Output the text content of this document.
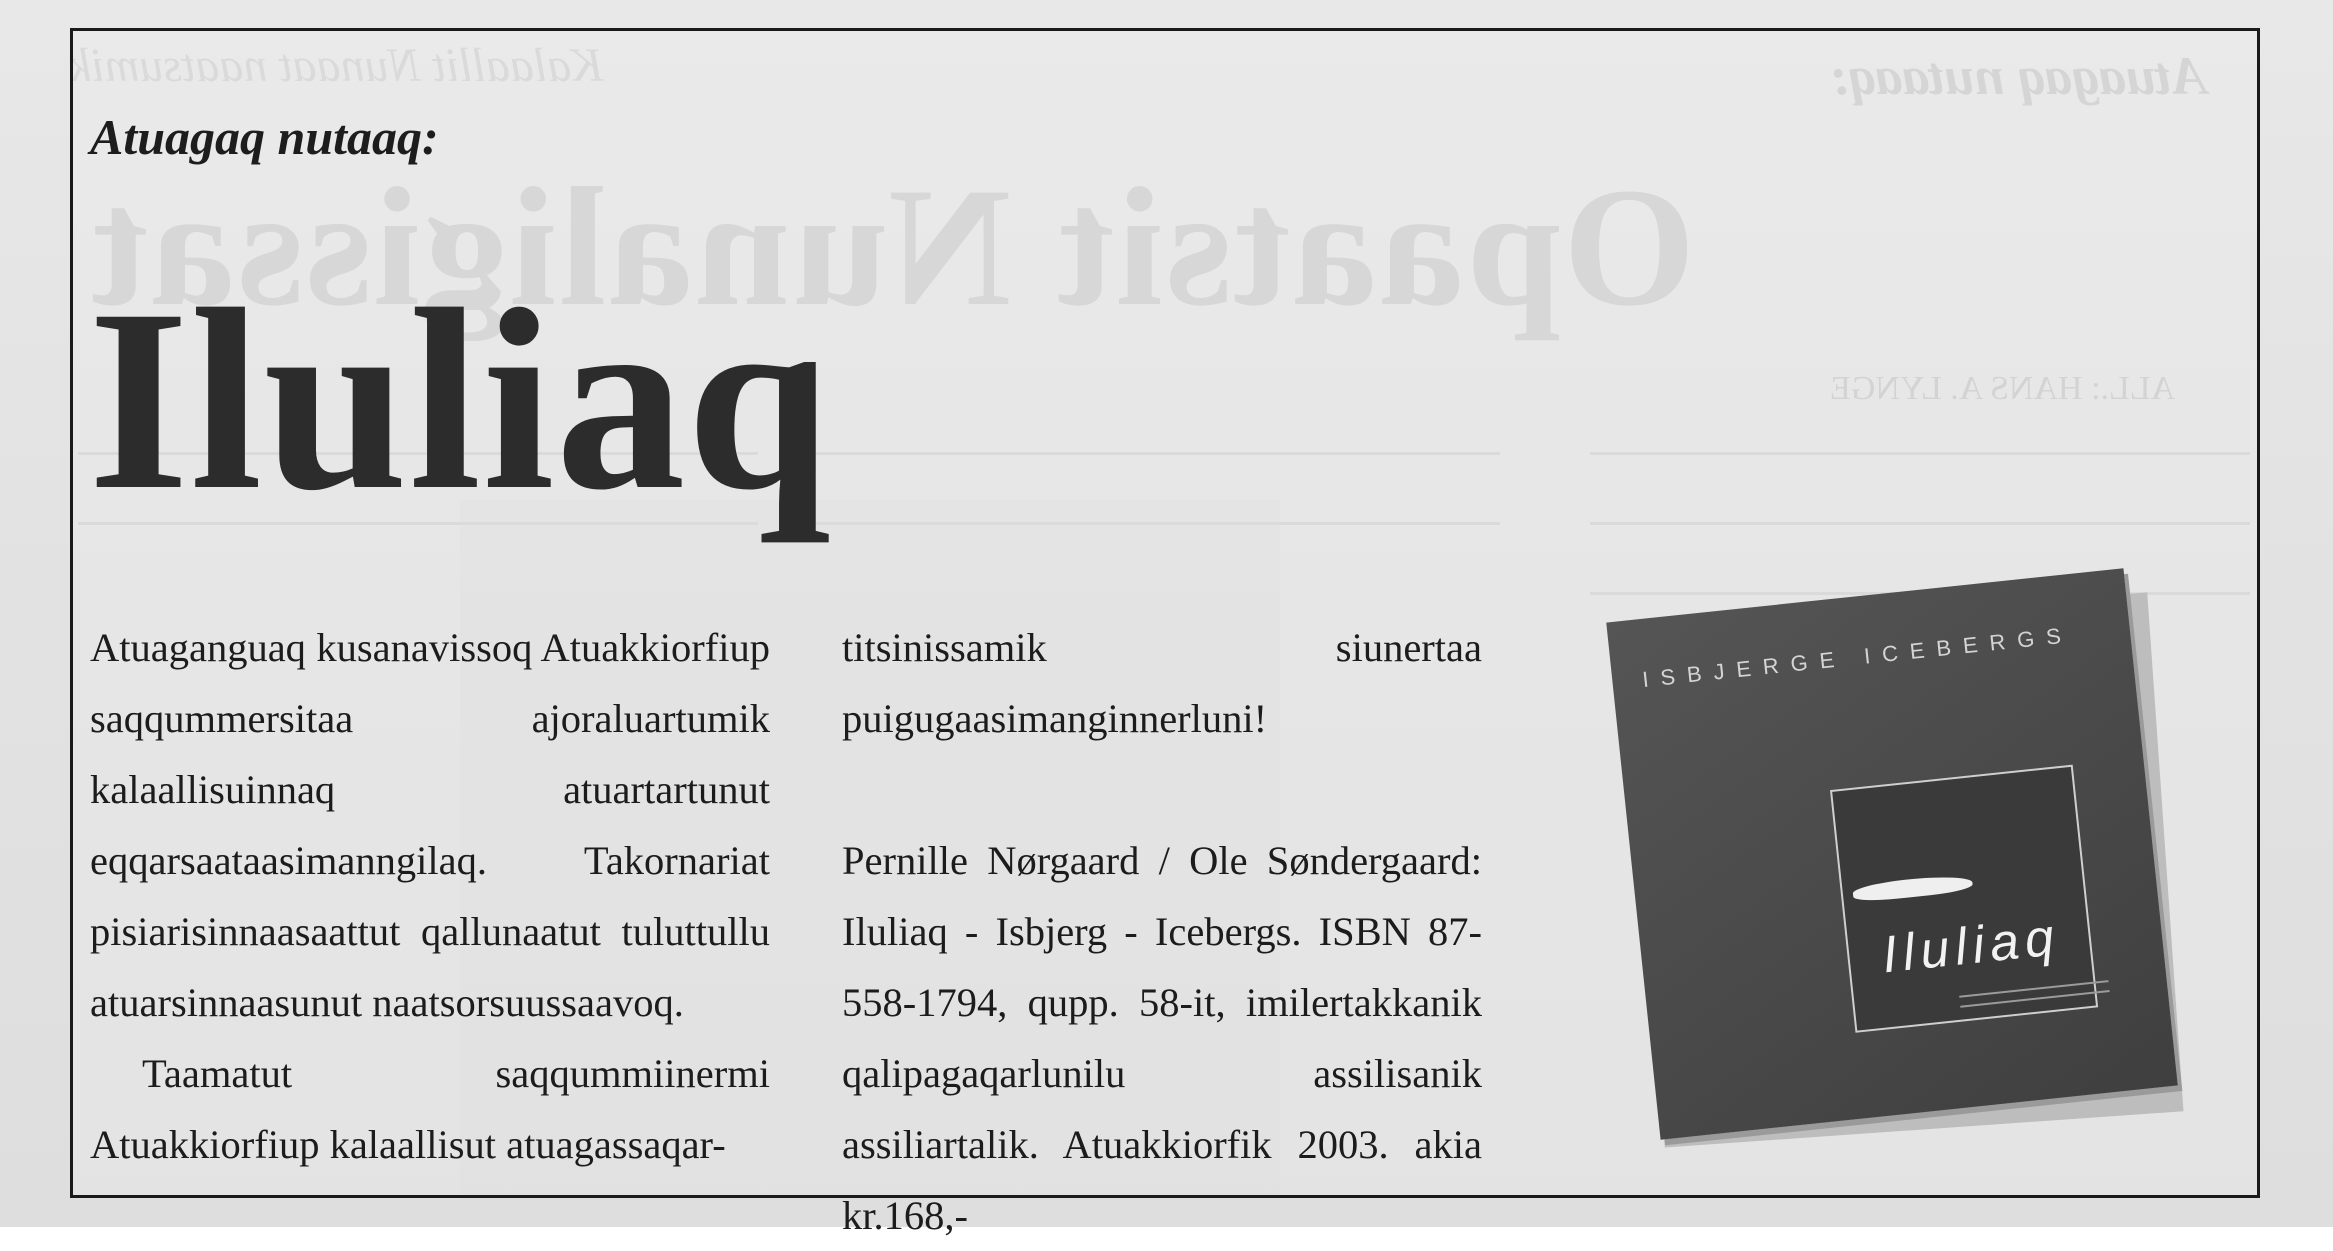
Kalaallit Nunaat naatsumik	Atuagaq nutaaq:
Opaatsit Nunaligissat
ALL.: HANS A. LYNGE
Atuagaq nutaaq:
Iluliaq

Atuaganguaq kusanavissoq Atuakkiorfiup saqqummersitaa ajoraluartumik kalaallisuinnaq atuartartunut eqqarsaataasimanngilaq. Takornariat pisiarisinnaasaattut qallunaatut tuluttullu atuarsinnaasunut naatsorsuussaavoq.

Taamatut saqqummiinermi Atuakkiorfiup kalaallisut atuagassaqar-

titsinissamik siunertaa puigugaasimanginnerluni!

Pernille Nørgaard / Ole Søndergaard: Iluliaq - Isbjerg - Icebergs. ISBN 87-558-1794, qupp. 58-it, imilertakkanik qalipagaqarlunilu assilisanik assiliartalik. Atuakkiorfik 2003. akia kr.168,-

ISBJERGE ICEBERGS
Iluliaq
